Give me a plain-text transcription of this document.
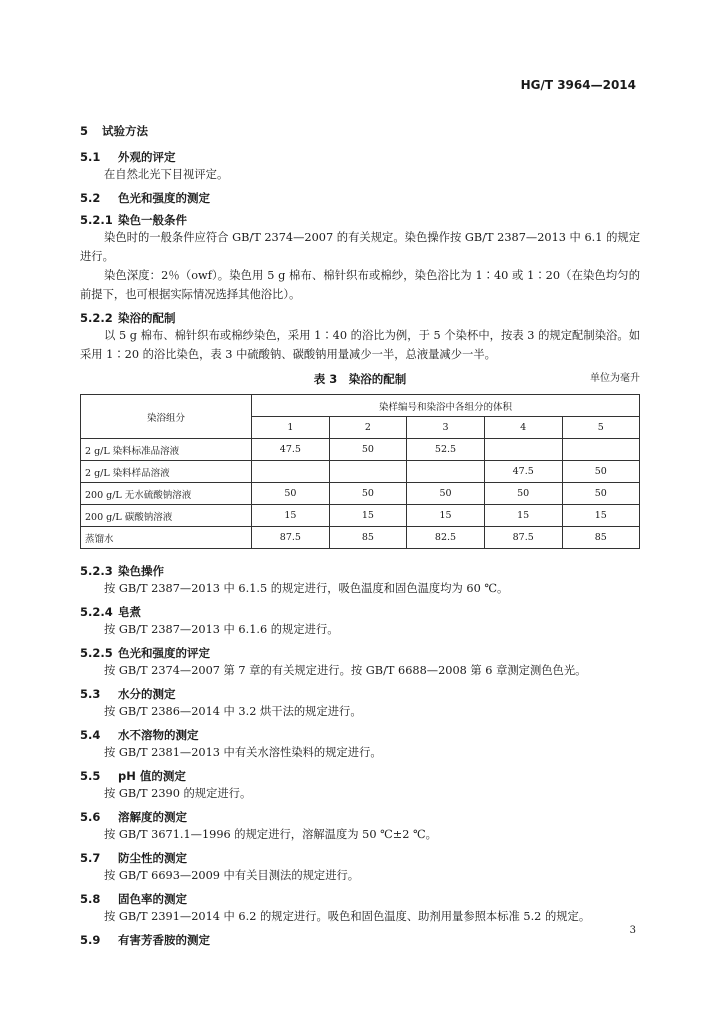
HG/T 3964—2014
5 试验方法
5.1 外观的评定

在自然北光下目视评定。

5.2 色光和强度的测定
5.2.1 染色一般条件

染色时的一般条件应符合 GB/T 2374—2007 的有关规定。染色操作按 GB/T 2387—2013 中 6.1 的规定进行。

染色深度：2％（owf）。染色用 5 g 棉布、棉针织布或棉纱，染色浴比为 1∶40 或 1∶20（在染色均匀的前提下，也可根据实际情况选择其他浴比）。

5.2.2 染浴的配制

以 5 g 棉布、棉针织布或棉纱染色，采用 1∶40 的浴比为例，于 5 个染杯中，按表 3 的规定配制染浴。如采用 1∶20 的浴比染色，表 3 中硫酸钠、碳酸钠用量减少一半，总液量减少一半。

表 3　染浴的配制	单位为毫升
染浴组分	染样编号和染浴中各组分的体积				
	1	2	3	4	5
2 g/L 染料标准品溶液	47.5	50	52.5		
2 g/L 染料样品溶液				47.5	50
200 g/L 无水硫酸钠溶液	50	50	50	50	50
200 g/L 碳酸钠溶液	15	15	15	15	15
蒸馏水	87.5	85	82.5	87.5	85
5.2.3 染色操作

按 GB/T 2387—2013 中 6.1.5 的规定进行，吸色温度和固色温度均为 60 ℃。

5.2.4 皂煮

按 GB/T 2387—2013 中 6.1.6 的规定进行。

5.2.5 色光和强度的评定

按 GB/T 2374—2007 第 7 章的有关规定进行。按 GB/T 6688—2008 第 6 章测定测色色光。

5.3 水分的测定

按 GB/T 2386—2014 中 3.2 烘干法的规定进行。

5.4 水不溶物的测定

按 GB/T 2381—2013 中有关水溶性染料的规定进行。

5.5 pH 值的测定

按 GB/T 2390 的规定进行。

5.6 溶解度的测定

按 GB/T 3671.1—1996 的规定进行，溶解温度为 50 ℃±2 ℃。

5.7 防尘性的测定

按 GB/T 6693—2009 中有关目测法的规定进行。

5.8 固色率的测定

按 GB/T 2391—2014 中 6.2 的规定进行。吸色和固色温度、助剂用量参照本标准 5.2 的规定。

5.9 有害芳香胺的测定
3
